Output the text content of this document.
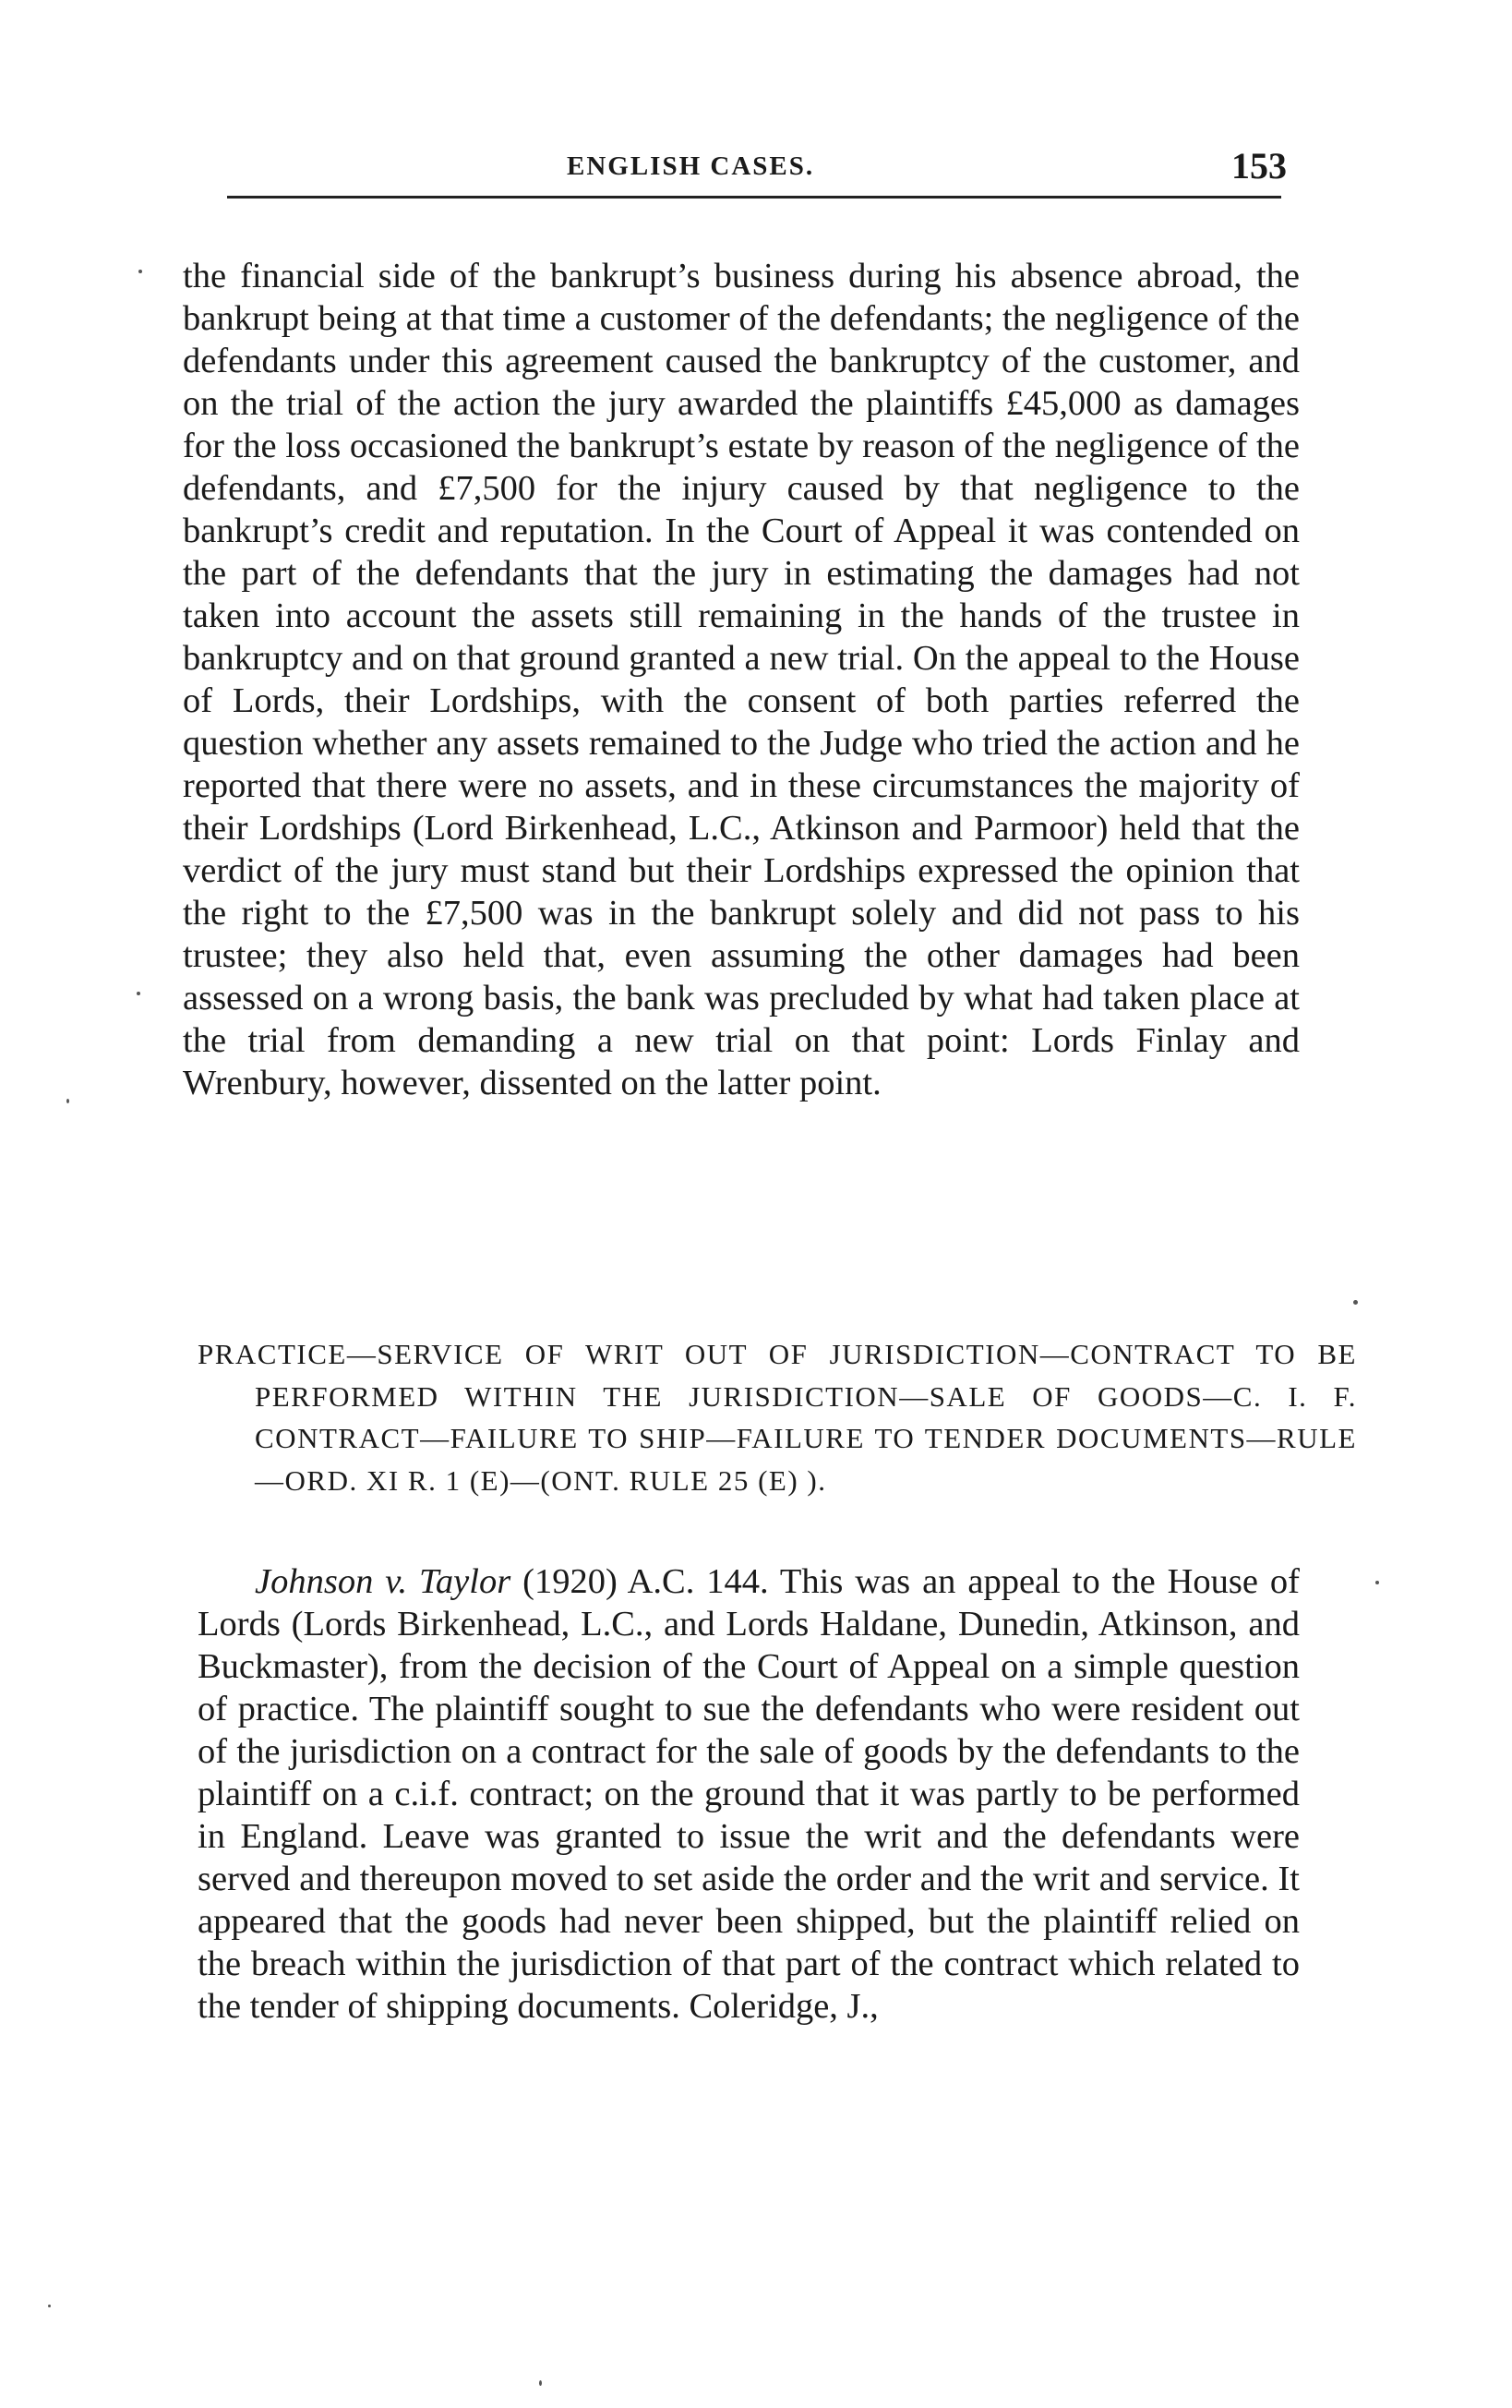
ENGLISH CASES.	153

the financial side of the bankrupt’s business during his absence abroad, the bankrupt being at that time a customer of the defendants; the negligence of the defendants under this agreement caused the bankruptcy of the customer, and on the trial of the action the jury awarded the plaintiffs £45,000 as damages for the loss occasioned the bankrupt’s estate by reason of the negligence of the defendants, and £7,500 for the injury caused by that negligence to the bankrupt’s credit and reputation. In the Court of Appeal it was contended on the part of the defendants that the jury in estimating the damages had not taken into account the assets still remaining in the hands of the trustee in bankruptcy and on that ground granted a new trial. On the appeal to the House of Lords, their Lordships, with the consent of both parties referred the question whether any assets remained to the Judge who tried the action and he reported that there were no assets, and in these circumstances the majority of their Lordships (Lord Birkenhead, L.C., Atkinson and Parmoor) held that the verdict of the jury must stand but their Lordships expressed the opinion that the right to the £7,500 was in the bankrupt solely and did not pass to his trustee; they also held that, even assuming the other damages had been assessed on a wrong basis, the bank was precluded by what had taken place at the trial from demanding a new trial on that point: Lords Finlay and Wrenbury, however, dissented on the latter point.

PRACTICE—SERVICE OF WRIT OUT OF JURISDICTION—CONTRACT TO BE PERFORMED WITHIN THE JURISDICTION—SALE OF GOODS—C. I. F. CONTRACT—FAILURE TO SHIP—FAILURE TO TENDER DOCUMENTS—RULE—ORD. XI R. 1 (E)—(ONT. RULE 25 (E) ).

Johnson v. Taylor (1920) A.C. 144. This was an appeal to the House of Lords (Lords Birkenhead, L.C., and Lords Haldane, Dunedin, Atkinson, and Buckmaster), from the decision of the Court of Appeal on a simple question of practice. The plaintiff sought to sue the defendants who were resident out of the jurisdiction on a contract for the sale of goods by the defendants to the plaintiff on a c.i.f. contract; on the ground that it was partly to be performed in England. Leave was granted to issue the writ and the defendants were served and thereupon moved to set aside the order and the writ and service. It appeared that the goods had never been shipped, but the plaintiff relied on the breach within the jurisdiction of that part of the contract which related to the tender of shipping documents. Coleridge, J.,
